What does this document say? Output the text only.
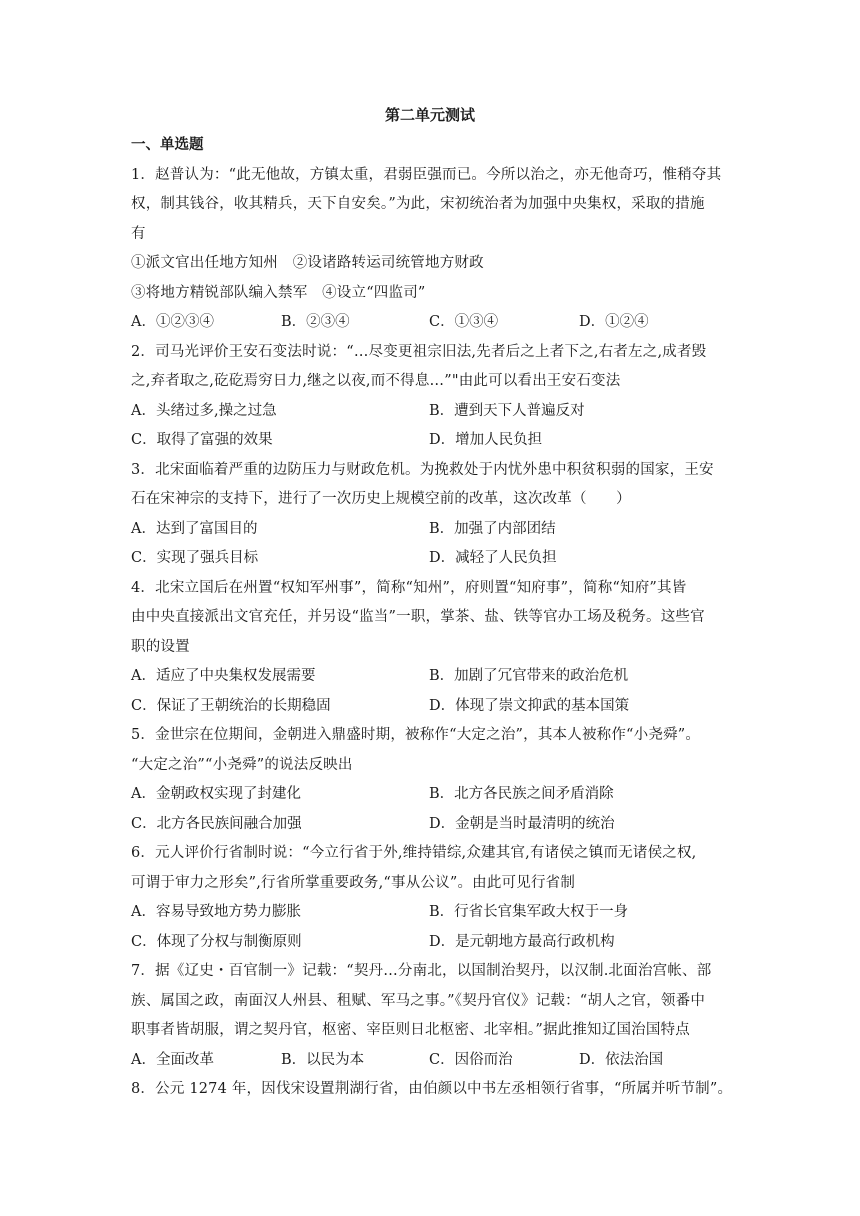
第二单元测试
一、单选题
1．赵普认为：“此无他故，方镇太重，君弱臣强而已。今所以治之，亦无他奇巧，惟稍夺其
权，制其钱谷，收其精兵，天下自安矣。”为此，宋初统治者为加强中央集权，采取的措施
有
①派文官出任地方知州　②设诸路转运司统管地方财政
③将地方精锐部队编入禁军　④设立“四监司”
A．①②③④	B．②③④	C．①③④	D．①②④
2．司马光评价王安石变法时说：“…尽变更祖宗旧法,先者后之上者下之,右者左之,成者毁
之,弃者取之,矻矻焉穷日力,继之以夜,而不得息…”"由此可以看出王安石变法
A．头绪过多,操之过急	B．遭到天下人普遍反对
C．取得了富强的效果	D．增加人民负担
3．北宋面临着严重的边防压力与财政危机。为挽救处于内忧外患中积贫积弱的国家，王安
石在宋神宗的支持下，进行了一次历史上规模空前的改革，这次改革（　　）
A．达到了富国目的	B．加强了内部团结
C．实现了强兵目标	D．减轻了人民负担
4．北宋立国后在州置“权知军州事”，简称“知州”，府则置“知府事”，简称“知府”其皆
由中央直接派出文官充任，并另设“监当”一职，掌茶、盐、铁等官办工场及税务。这些官
职的设置
A．适应了中央集权发展需要	B．加剧了冗官带来的政治危机
C．保证了王朝统治的长期稳固	D．体现了崇文抑武的基本国策
5．金世宗在位期间，金朝进入鼎盛时期，被称作“大定之治”，其本人被称作“小尧舜”。
“大定之治”“小尧舜”的说法反映出
A．金朝政权实现了封建化	B．北方各民族之间矛盾消除
C．北方各民族间融合加强	D．金朝是当时最清明的统治
6．元人评价行省制时说：“今立行省于外,维持错综,众建其官,有诸侯之镇而无诸侯之权,
可谓于审力之形矣”,行省所掌重要政务,“事从公议”。由此可见行省制
A．容易导致地方势力膨胀	B．行省长官集军政大权于一身
C．体现了分权与制衡原则	D．是元朝地方最高行政机构
7．据《辽史・百官制一》记载：“契丹…分南北，以国制治契丹，以汉制.北面治宫帐、部
族、属国之政，南面汉人州县、租赋、军马之事。”《契丹官仪》记载：“胡人之官，领番中
职事者皆胡服，谓之契丹官，枢密、宰臣则日北枢密、北宰相。”据此推知辽国治国特点
A．全面改革	B．以民为本	C．因俗而治	D．依法治国
8．公元 1274 年，因伐宋设置荆湖行省，由伯颜以中书左丞相领行省事，“所属并听节制”。
